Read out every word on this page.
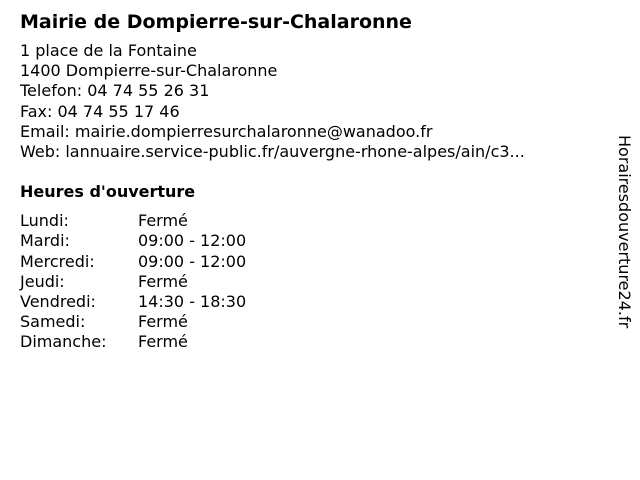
Mairie de Dompierre-sur-Chalaronne
1 place de la Fontaine
1400 Dompierre-sur-Chalaronne
Telefon: 04 74 55 26 31
Fax: 04 74 55 17 46
Email: mairie.dompierresurchalaronne@wanadoo.fr
Web: lannuaire.service-public.fr/auvergne-rhone-alpes/ain/c3...
Heures d'ouverture
Lundi:	Fermé
Mardi:	09:00 - 12:00
Mercredi:	09:00 - 12:00
Jeudi:	Fermé
Vendredi:	14:30 - 18:30
Samedi:	Fermé
Dimanche:	Fermé
Horairesdouverture24.fr
